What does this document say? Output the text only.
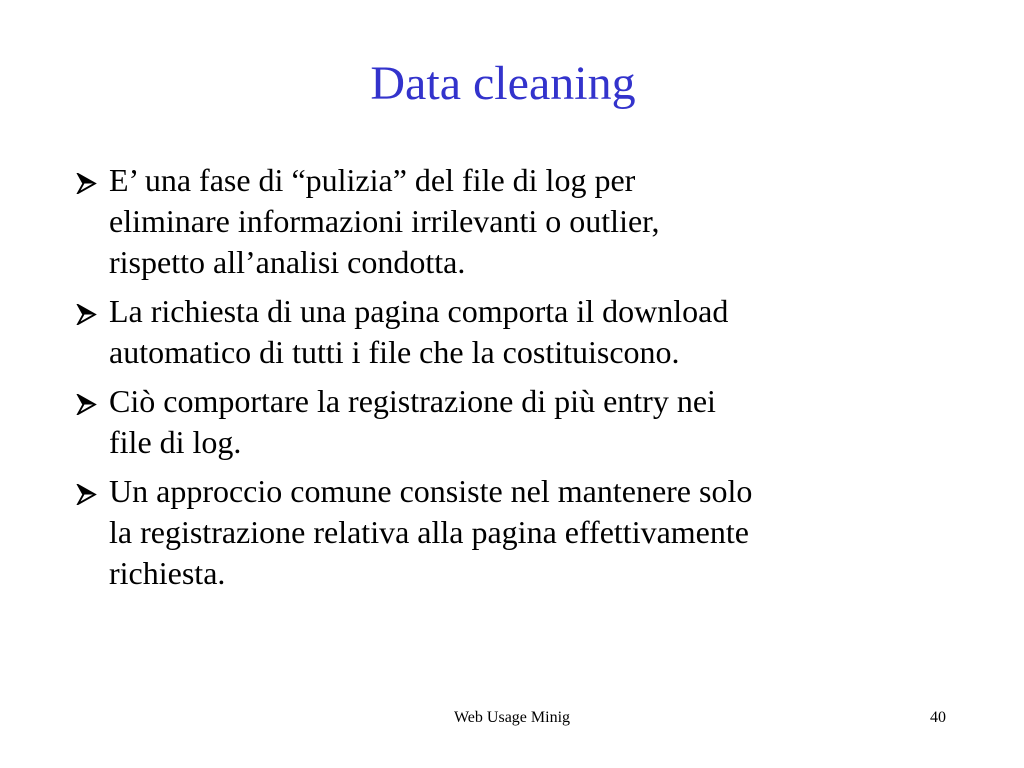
Data cleaning
E’ una fase di “pulizia” del file di log per
eliminare informazioni irrilevanti o outlier,
rispetto all’analisi condotta.
La richiesta di una pagina comporta il download
automatico di tutti i file che la costituiscono.
Ciò comportare la registrazione di più entry nei
file di log.
Un approccio comune consiste nel mantenere solo
la registrazione relativa alla pagina effettivamente
richiesta.
Web Usage Minig	40
